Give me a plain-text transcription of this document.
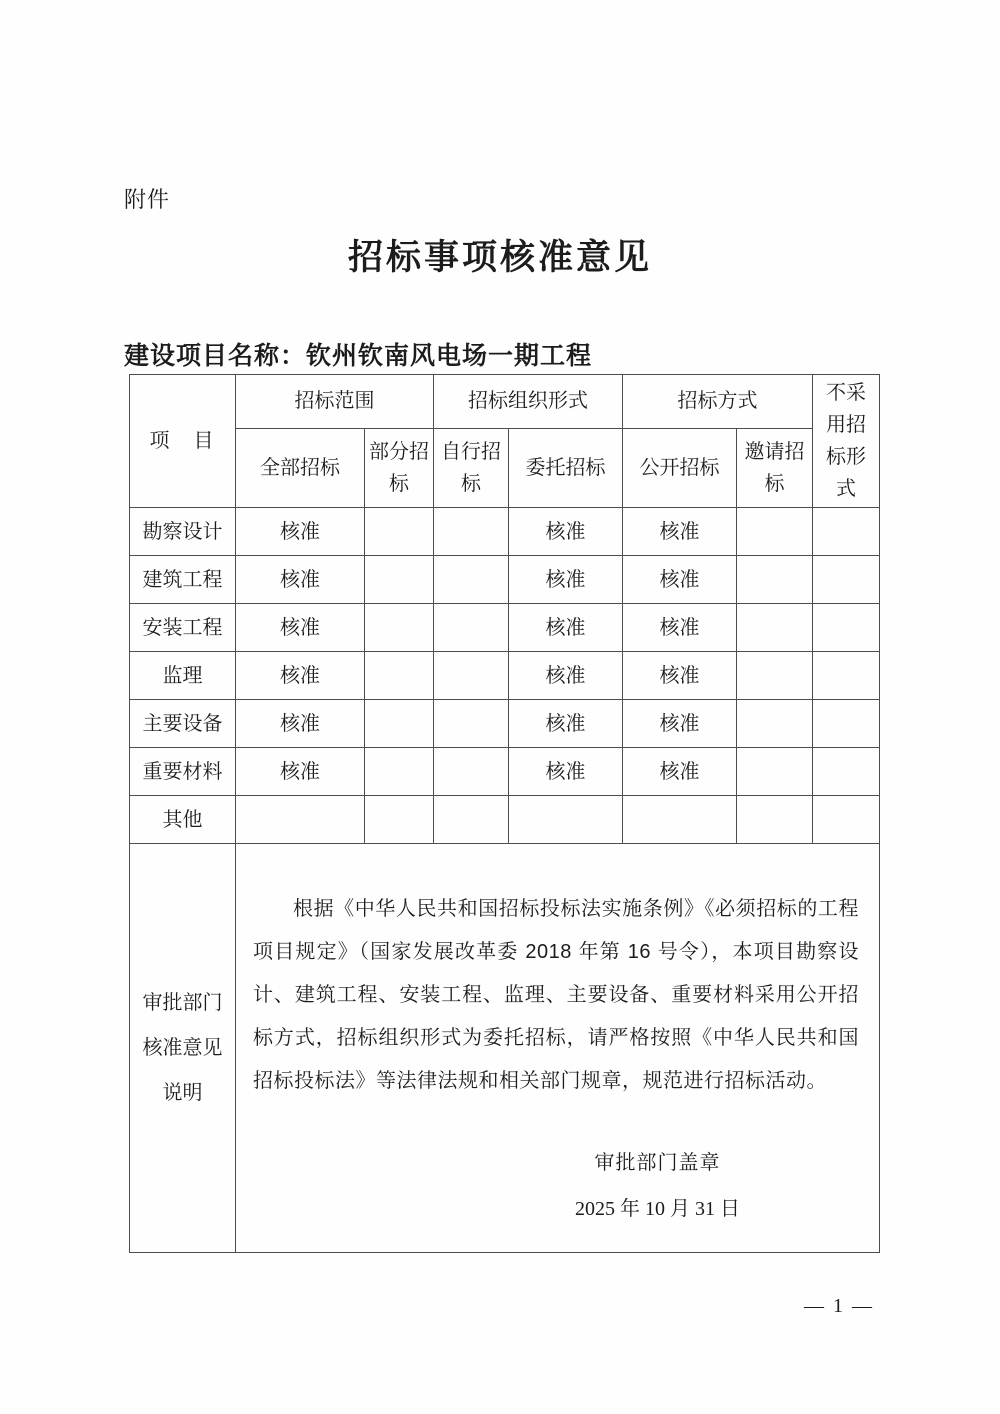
附件
招标事项核准意见
建设项目名称：钦州钦南风电场一期工程
项　目	招标范围		招标组织形式		招标方式		不采用招标形式
	全部招标	部分招标	自行招标	委托招标	公开招标	邀请招标	
勘察设计	核准			核准	核准		
建筑工程	核准			核准	核准		
安装工程	核准			核准	核准		
监理	核准			核准	核准		
主要设备	核准			核准	核准		
重要材料	核准			核准	核准		
其他							

审批部门
核准意见
说明

根据《中华人民共和国招标投标法实施条例》《必须招标的工程项目规定》（国家发展改革委 2018 年第 16 号令），本项目勘察设计、建筑工程、安装工程、监理、主要设备、重要材料采用公开招标方式，招标组织形式为委托招标，请严格按照《中华人民共和国招标投标法》等法律法规和相关部门规章，规范进行招标活动。

审批部门盖章
2025 年 10 月 31 日
— 1 —
